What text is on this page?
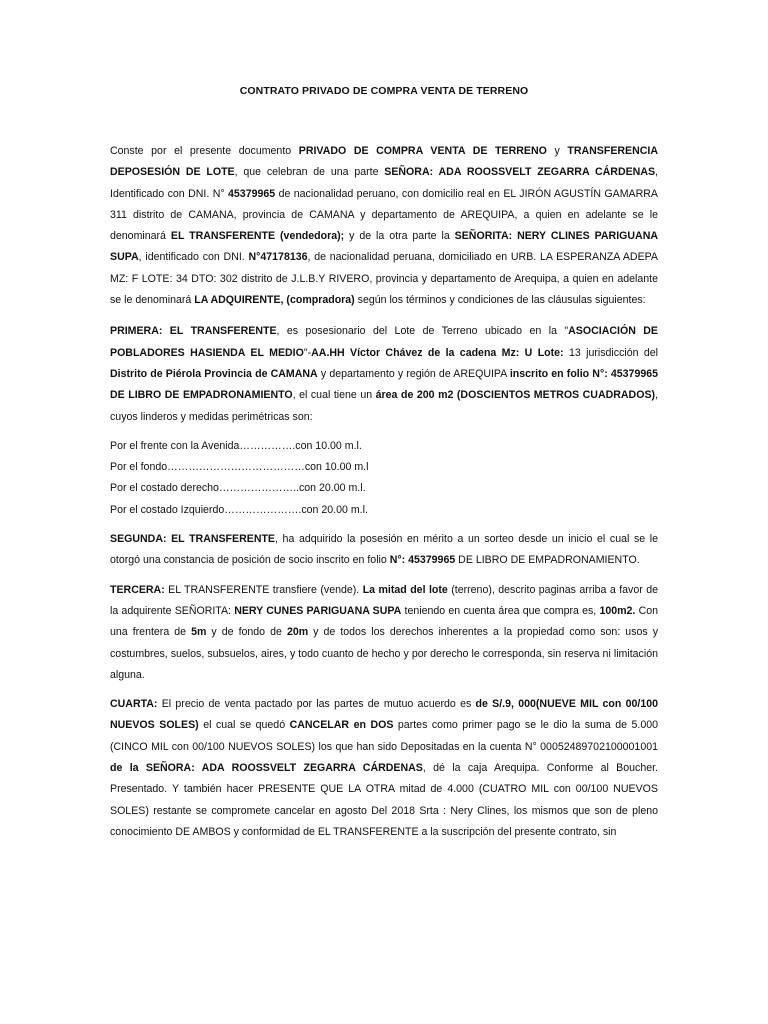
CONTRATO PRIVADO DE COMPRA VENTA DE TERRENO

Conste por el presente documento PRIVADO DE COMPRA VENTA DE TERRENO y TRANSFERENCIA DEPOSESIÓN DE LOTE, que celebran de una parte SEÑORA: ADA ROOSSVELT ZEGARRA CÁRDENAS, Identificado con DNI. N° 45379965 de nacionalidad peruano, con domicilio real en EL JIRÓN AGUSTÍN GAMARRA 311 distrito de CAMANA, provincia de CAMANA y departamento de AREQUIPA, a quien en adelante se le denominará EL TRANSFERENTE (vendedora); y de la otra parte la SEÑORITA: NERY CLINES PARIGUANA SUPA, identificado con DNI. N°47178136, de nacionalidad peruana, domiciliado en URB. LA ESPERANZA ADEPA MZ: F LOTE: 34 DTO: 302 distrito de J.L.B.Y RIVERO, provincia y departamento de Arequipa, a quien en adelante se le denominará LA ADQUIRENTE, (compradora) según los términos y condiciones de las cláusulas siguientes:

PRIMERA: EL TRANSFERENTE, es posesionario del Lote de Terreno ubicado en la "ASOCIACIÓN DE POBLADORES HASIENDA EL MEDIO"-AA.HH Víctor Chávez de la cadena Mz: U Lote: 13 jurisdicción del Distrito de Piérola Provincia de CAMANA y departamento y región de AREQUIPA inscrito en folio N°: 45379965 DE LIBRO DE EMPADRONAMIENTO, el cual tiene un área de 200 m2 (DOSCIENTOS METROS CUADRADOS), cuyos linderos y medidas perimétricas son:

Por el frente con la Avenida…………….con 10.00 m.l.

Por el fondo…………………………………con 10.00 m.l

Por el costado derecho…………………..con 20.00 m.l.

Por el costado Izquierdo………………….con 20.00 m.l.

SEGUNDA: EL TRANSFERENTE, ha adquirido la posesión en mérito a un sorteo desde un inicio el cual se le otorgó una constancia de posición de socio inscrito en folio N°: 45379965 DE LIBRO DE EMPADRONAMIENTO.

TERCERA: EL TRANSFERENTE transfiere (vende). La mitad del lote (terreno), descrito paginas arriba a favor de la adquirente SEÑORITA: NERY CUNES PARIGUANA SUPA teniendo en cuenta área que compra es, 100m2. Con una frentera de 5m y de fondo de 20m y de todos los derechos inherentes a la propiedad como son: usos y costumbres, suelos, subsuelos, aires, y todo cuanto de hecho y por derecho le corresponda, sin reserva ni limitación alguna.

CUARTA: El precio de venta pactado por las partes de mutuo acuerdo es de S/.9, 000(NUEVE MIL con 00/100 NUEVOS SOLES) el cual se quedó CANCELAR en DOS partes como primer pago se le dio la suma de 5.000 (CINCO MIL con 00/100 NUEVOS SOLES) los que han sido Depositadas en la cuenta N° 00052489702100001001 de la SEÑORA: ADA ROOSSVELT ZEGARRA CÁRDENAS, dé la caja Arequipa. Conforme al Boucher. Presentado. Y también hacer PRESENTE QUE LA OTRA mitad de 4.000 (CUATRO MIL con 00/100 NUEVOS SOLES) restante se compromete cancelar en agosto Del 2018 Srta : Nery Clines, los mismos que son de pleno conocimiento DE AMBOS y conformidad de EL TRANSFERENTE a la suscripción del presente contrato, sin
